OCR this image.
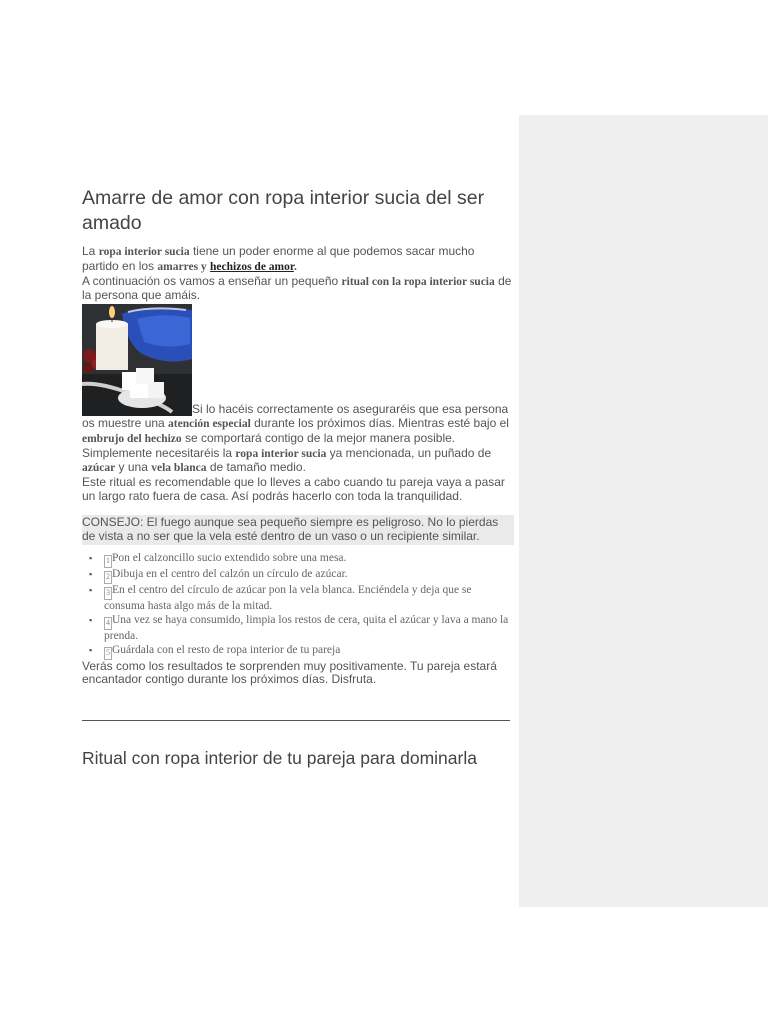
Amarre de amor con ropa interior sucia del ser amado

La ropa interior sucia tiene un poder enorme al que podemos sacar mucho partido en los amarres y hechizos de amor.

A continuación os vamos a enseñar un pequeño ritual con la ropa interior sucia de la persona que amáis.

Si lo hacéis correctamente os aseguraréis que esa persona os muestre una atención especial durante los próximos días. Mientras esté bajo el embrujo del hechizo se comportará contigo de la mejor manera posible.

Simplemente necesitaréis la ropa interior sucia ya mencionada, un puñado de azúcar y una vela blanca de tamaño medio.

Este ritual es recomendable que lo lleves a cabo cuando tu pareja vaya a pasar un largo rato fuera de casa. Así podrás hacerlo con toda la tranquilidad.

CONSEJO: El fuego aunque sea pequeño siempre es peligroso. No lo pierdas de vista a no ser que la vela esté dentro de un vaso o un recipiente similar.
▪ 1 Pon el calzoncillo sucio extendido sobre una mesa.
▪ 2 Dibuja en el centro del calzón un círculo de azúcar.
▪ 3 En el centro del círculo de azúcar pon la vela blanca. Enciéndela y deja que se consuma hasta algo más de la mitad.
▪ 4 Una vez se haya consumido, limpia los restos de cera, quita el azúcar y lava a mano la prenda.
▪ 5 Guárdala con el resto de ropa interior de tu pareja

Verás como los resultados te sorprenden muy positivamente. Tu pareja estará encantador contigo durante los próximos días. Disfruta.

Ritual con ropa interior de tu pareja para dominarla
